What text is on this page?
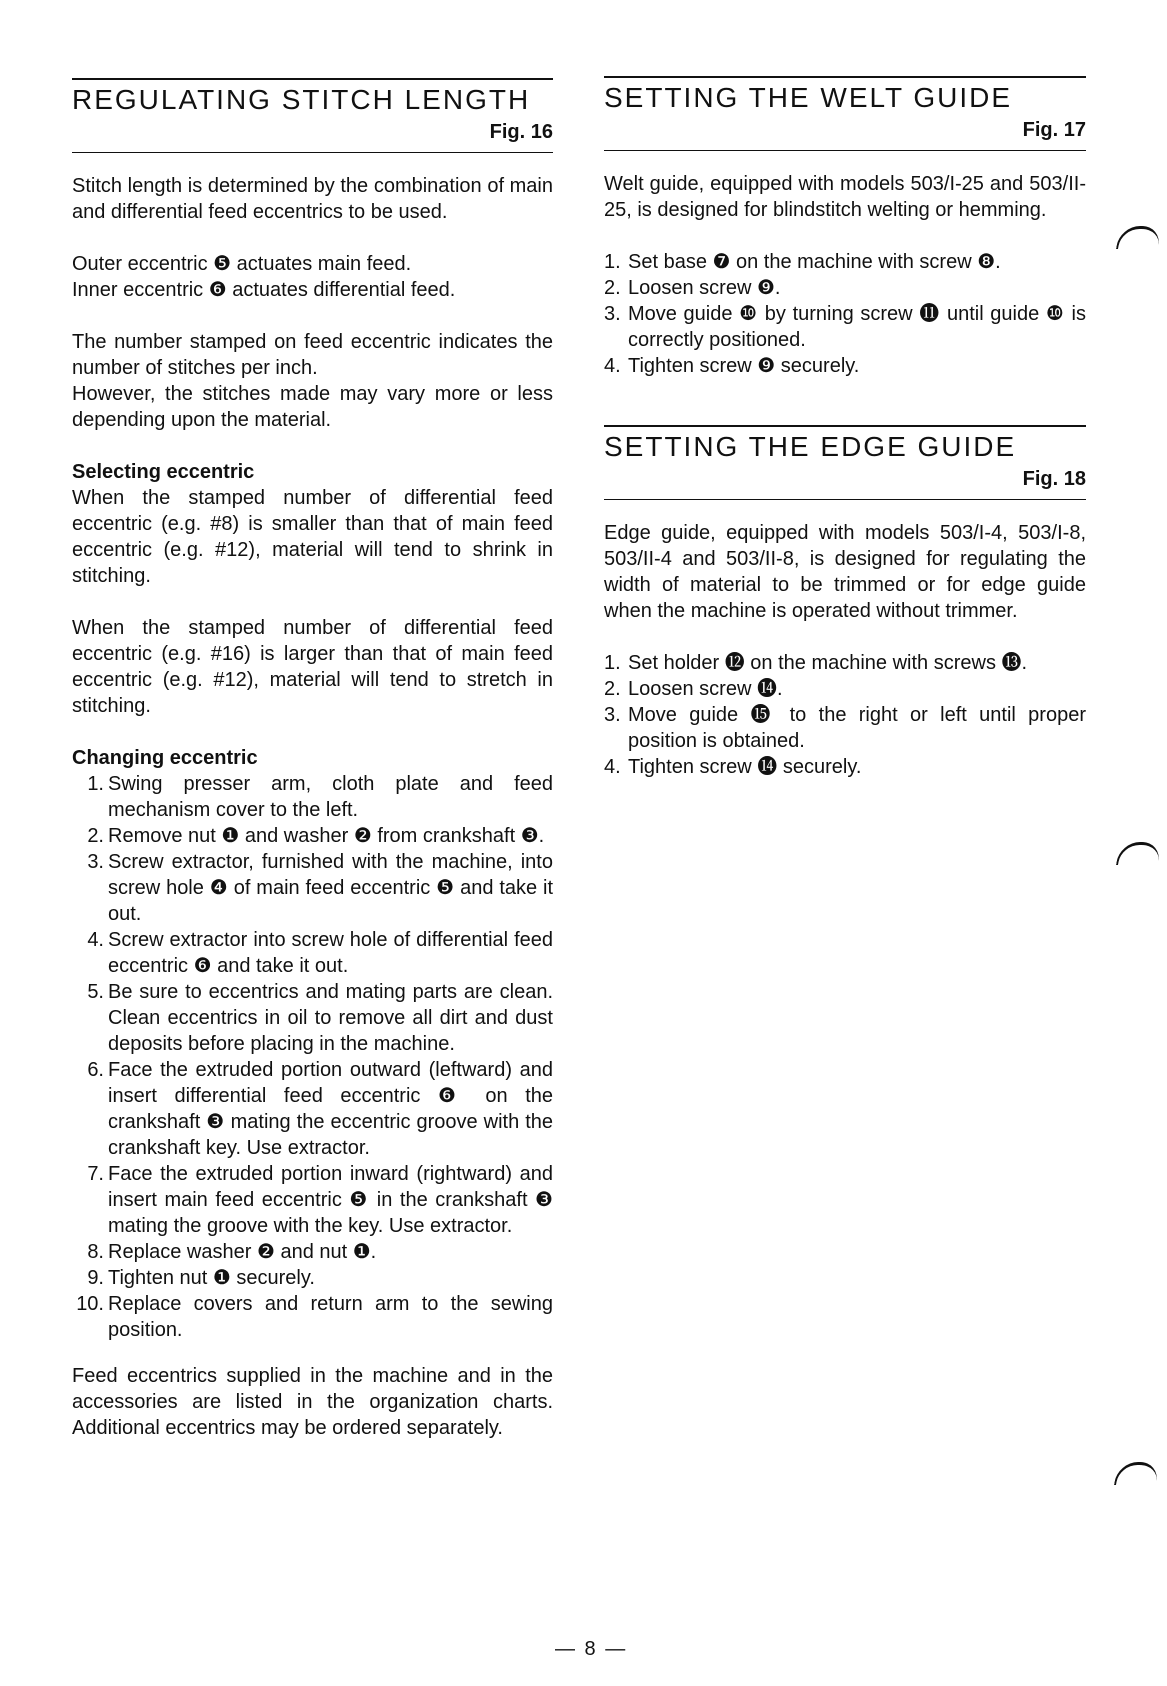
REGULATING STITCH LENGTH
Fig. 16

Stitch length is determined by the combination of main and differential feed eccentrics to be used.

Outer eccentric ❺ actuates main feed.

Inner eccentric ❻ actuates differential feed.

The number stamped on feed eccentric indicates the number of stitches per inch.

However, the stitches made may vary more or less depending upon the material.

Selecting eccentric

When the stamped number of differential feed eccentric (e.g. #8) is smaller than that of main feed eccentric (e.g. #12), material will tend to shrink in stitching.

When the stamped number of differential feed eccentric (e.g. #16) is larger than that of main feed eccentric (e.g. #12), material will tend to stretch in stitching.

Changing eccentric
1. Swing presser arm, cloth plate and feed mechanism cover to the left.
2. Remove nut ❶ and washer ❷ from crankshaft ❸.
3. Screw extractor, furnished with the machine, into screw hole ❹ of main feed eccentric ❺ and take it out.
4. Screw extractor into screw hole of differential feed eccentric ❻ and take it out.
5. Be sure to eccentrics and mating parts are clean. Clean eccentrics in oil to remove all dirt and dust deposits before placing in the machine.
6. Face the extruded portion outward (leftward) and insert differential feed eccentric ❻ on the crankshaft ❸ mating the eccentric groove with the crankshaft key. Use extractor.
7. Face the extruded portion inward (rightward) and insert main feed eccentric ❺ in the crankshaft ❸ mating the groove with the key. Use extractor.
8. Replace washer ❷ and nut ❶.
9. Tighten nut ❶ securely.
10. Replace covers and return arm to the sewing position.

Feed eccentrics supplied in the machine and in the accessories are listed in the organization charts. Additional eccentrics may be ordered separately.

SETTING THE WELT GUIDE
Fig. 17

Welt guide, equipped with models 503/I-25 and 503/II-25, is designed for blindstitch welting or hemming.

1. Set base ❼ on the machine with screw ❽.
2. Loosen screw ❾.
3. Move guide ❿ by turning screw ⓫ until guide ❿ is correctly positioned.
4. Tighten screw ❾ securely.
SETTING THE EDGE GUIDE
Fig. 18

Edge guide, equipped with models 503/I-4, 503/I-8, 503/II-4 and 503/II-8, is designed for regulating the width of material to be trimmed or for edge guide when the machine is operated without trimmer.

1. Set holder ⓬ on the machine with screws ⓭.
2. Loosen screw ⓮.
3. Move guide ⓯ to the right or left until proper position is obtained.
4. Tighten screw ⓮ securely.
— 8 —
